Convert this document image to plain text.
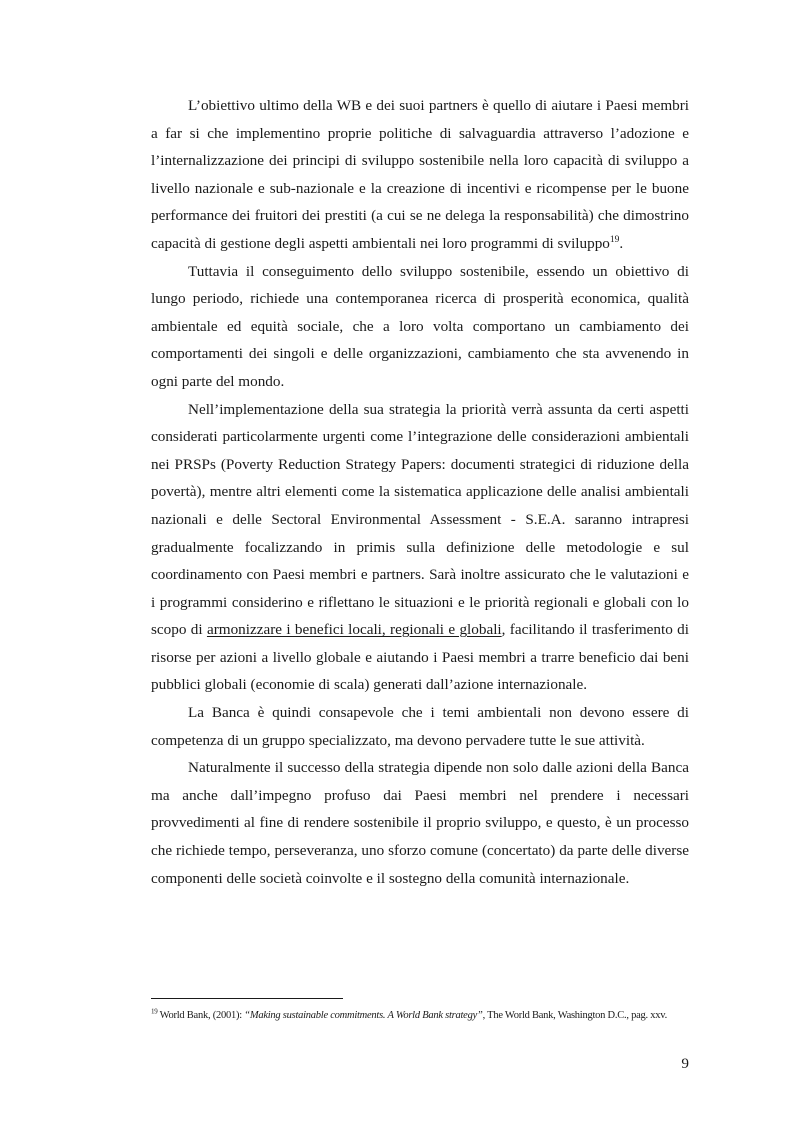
L’obiettivo ultimo della WB e dei suoi partners è quello di aiutare i Paesi membri a far si che implementino proprie politiche di salvaguardia attraverso l’adozione e l’internalizzazione dei principi di sviluppo sostenibile nella loro capacità di sviluppo a livello nazionale e sub-nazionale e la creazione di incentivi e ricompense per le buone performance dei fruitori dei prestiti (a cui se ne delega la responsabilità) che dimostrino capacità di gestione degli aspetti ambientali nei loro programmi di sviluppo$^{19}$.

Tuttavia il conseguimento dello sviluppo sostenibile, essendo un obiettivo di lungo periodo, richiede una contemporanea ricerca di prosperità economica, qualità ambientale ed equità sociale, che a loro volta comportano un cambiamento dei comportamenti dei singoli e delle organizzazioni, cambiamento che sta avvenendo in ogni parte del mondo.

Nell’implementazione della sua strategia la priorità verrà assunta da certi aspetti considerati particolarmente urgenti come l’integrazione delle considerazioni ambientali nei PRSPs (Poverty Reduction Strategy Papers: documenti strategici di riduzione della povertà), mentre altri elementi come la sistematica applicazione delle analisi ambientali nazionali e delle Sectoral Environmental Assessment - S.E.A. saranno intrapresi gradualmente focalizzando in primis sulla definizione delle metodologie e sul coordinamento con Paesi membri e partners. Sarà inoltre assicurato che le valutazioni e i programmi considerino e riflettano le situazioni e le priorità regionali e globali con lo scopo di armonizzare i benefici locali, regionali e globali, facilitando il trasferimento di risorse per azioni a livello globale e aiutando i Paesi membri a trarre beneficio dai beni pubblici globali (economie di scala) generati dall’azione internazionale.

La Banca è quindi consapevole che i temi ambientali non devono essere di competenza di un gruppo specializzato, ma devono pervadere tutte le sue attività.

Naturalmente il successo della strategia dipende non solo dalle azioni della Banca ma anche dall’impegno profuso dai Paesi membri nel prendere i necessari provvedimenti al fine di rendere sostenibile il proprio sviluppo, e questo, è un processo che richiede tempo, perseveranza, uno sforzo comune (concertato) da parte delle diverse componenti delle società coinvolte e il sostegno della comunità internazionale.

$^{19}$ World Bank, (2001): “Making sustainable commitments. A World Bank strategy”, The World Bank, Washington D.C., pag. xxv.
9
